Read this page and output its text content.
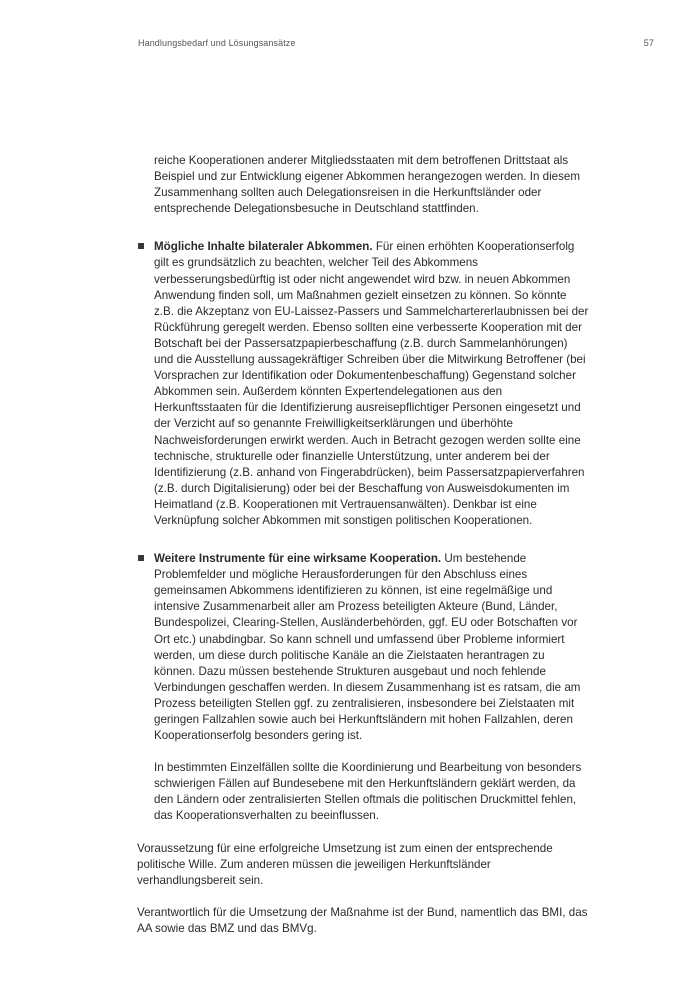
Handlungsbedarf und Lösungsansätze	57

reiche Kooperationen anderer Mitgliedsstaaten mit dem betroffenen Drittstaat als Beispiel und zur Entwicklung eigener Abkommen herangezogen werden. In diesem Zusammenhang sollten auch Delegationsreisen in die Herkunftsländer oder entsprechende Delegationsbesuche in Deutschland stattfinden.

Mögliche Inhalte bilateraler Abkommen. Für einen erhöhten Kooperationserfolg gilt es grundsätzlich zu beachten, welcher Teil des Abkommens verbesserungsbedürftig ist oder nicht angewendet wird bzw. in neuen Abkommen Anwendung finden soll, um Maßnahmen gezielt einsetzen zu können. So könnte z.B. die Akzeptanz von EU-Laissez-Passers und Sammelchartererlaubnissen bei der Rückführung geregelt werden. Ebenso sollten eine verbesserte Kooperation mit der Botschaft bei der Passersatzpapierbeschaffung (z.B. durch Sammelanhörungen) und die Ausstellung aussagekräftiger Schreiben über die Mitwirkung Betroffener (bei Vorsprachen zur Identifikation oder Dokumentenbeschaffung) Gegenstand solcher Abkommen sein. Außerdem könnten Expertendelegationen aus den Herkunftsstaaten für die Identifizierung ausreisepflichtiger Personen eingesetzt und der Verzicht auf so genannte Freiwilligkeitserklärungen und überhöhte Nachweisforderungen erwirkt werden. Auch in Betracht gezogen werden sollte eine technische, strukturelle oder finanzielle Unterstützung, unter anderem bei der Identifizierung (z.B. anhand von Fingerabdrücken), beim Passersatzpapierverfahren (z.B. durch Digitalisierung) oder bei der Beschaffung von Ausweisdokumenten im Heimatland (z.B. Kooperationen mit Vertrauensanwälten). Denkbar ist eine Verknüpfung solcher Abkommen mit sonstigen politischen Kooperationen.

Weitere Instrumente für eine wirksame Kooperation. Um bestehende Problemfelder und mögliche Herausforderungen für den Abschluss eines gemeinsamen Abkommens identifizieren zu können, ist eine regelmäßige und intensive Zusammenarbeit aller am Prozess beteiligten Akteure (Bund, Länder, Bundespolizei, Clearing-Stellen, Ausländerbehörden, ggf. EU oder Botschaften vor Ort etc.) unabdingbar. So kann schnell und umfassend über Probleme informiert werden, um diese durch politische Kanäle an die Zielstaaten herantragen zu können. Dazu müssen bestehende Strukturen ausgebaut und noch fehlende Verbindungen geschaffen werden. In diesem Zusammenhang ist es ratsam, die am Prozess beteiligten Stellen ggf. zu zentralisieren, insbesondere bei Zielstaaten mit geringen Fallzahlen sowie auch bei Herkunftsländern mit hohen Fallzahlen, deren Kooperationserfolg besonders gering ist.

In bestimmten Einzelfällen sollte die Koordinierung und Bearbeitung von besonders schwierigen Fällen auf Bundesebene mit den Herkunftsländern geklärt werden, da den Ländern oder zentralisierten Stellen oftmals die politischen Druckmittel fehlen, das Kooperationsverhalten zu beeinflussen.

Voraussetzung für eine erfolgreiche Umsetzung ist zum einen der entsprechende politische Wille. Zum anderen müssen die jeweiligen Herkunftsländer verhandlungsbereit sein.

Verantwortlich für die Umsetzung der Maßnahme ist der Bund, namentlich das BMI, das AA sowie das BMZ und das BMVg.
